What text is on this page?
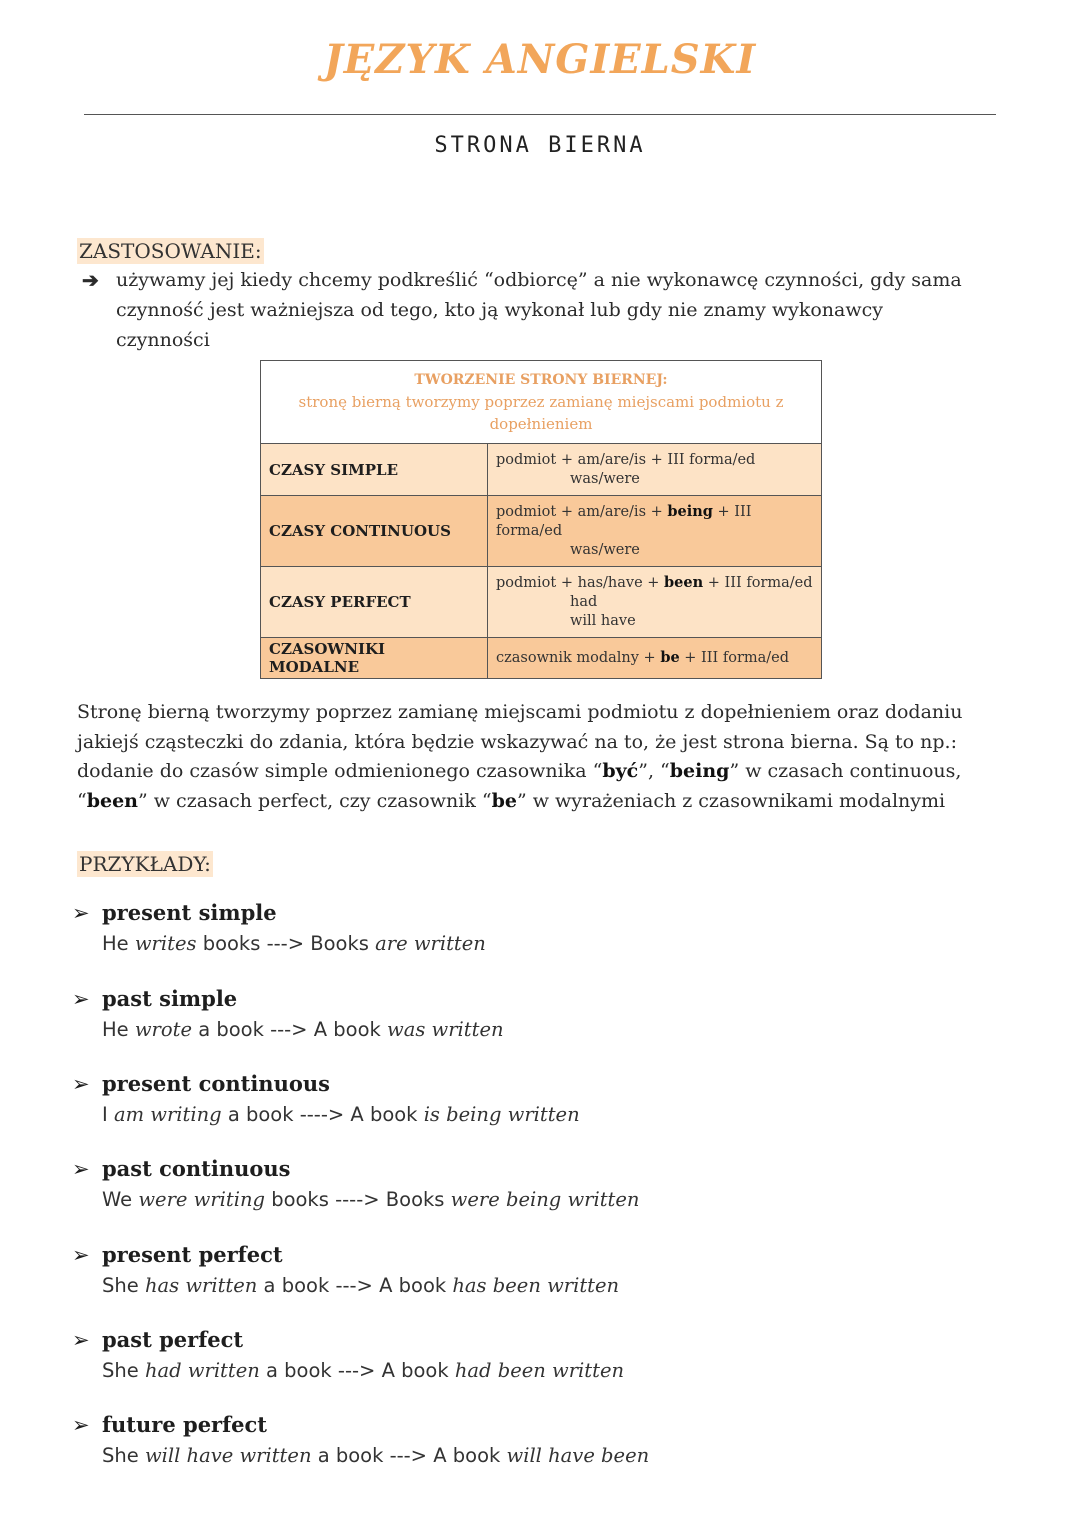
JĘZYK ANGIELSKI
STRONA BIERNA
ZASTOSOWANIE:
➔ używamy jej kiedy chcemy podkreślić “odbiorcę” a nie wykonawcę czynności, gdy sama czynność jest ważniejsza od tego, kto ją wykonał lub gdy nie znamy wykonawcy czynności
TWORZENIE STRONY BIERNEJ:
stronę bierną tworzymy poprzez zamianę miejscami podmiotu z dopełnieniem	

CZASY SIMPLE	podmiot + am/are/is + III forma/ed
was/were

CZASY CONTINUOUS	podmiot + am/are/is + being + III forma/ed
was/were

CZASY PERFECT	podmiot + has/have + been + III forma/ed
had
will have

CZASOWNIKI MODALNE	czasownik modalny + be + III forma/ed
Stronę bierną tworzymy poprzez zamianę miejscami podmiotu z dopełnieniem oraz dodaniu jakiejś cząsteczki do zdania, która będzie wskazywać na to, że jest strona bierna. Są to np.: dodanie do czasów simple odmienionego czasownika “być”, “being” w czasach continuous, “been” w czasach perfect, czy czasownik “be” w wyrażeniach z czasownikami modalnymi
PRZYKŁADY:
➢ present simple
He writes books ---> Books are written
➢ past simple
He wrote a book ---> A book was written
➢ present continuous
I am writing a book ----> A book is being written
➢ past continuous
We were writing books ----> Books were being written
➢ present perfect
She has written a book ---> A book has been written
➢ past perfect
She had written a book ---> A book had been written
➢ future perfect
She will have written a book ---> A book will have been
